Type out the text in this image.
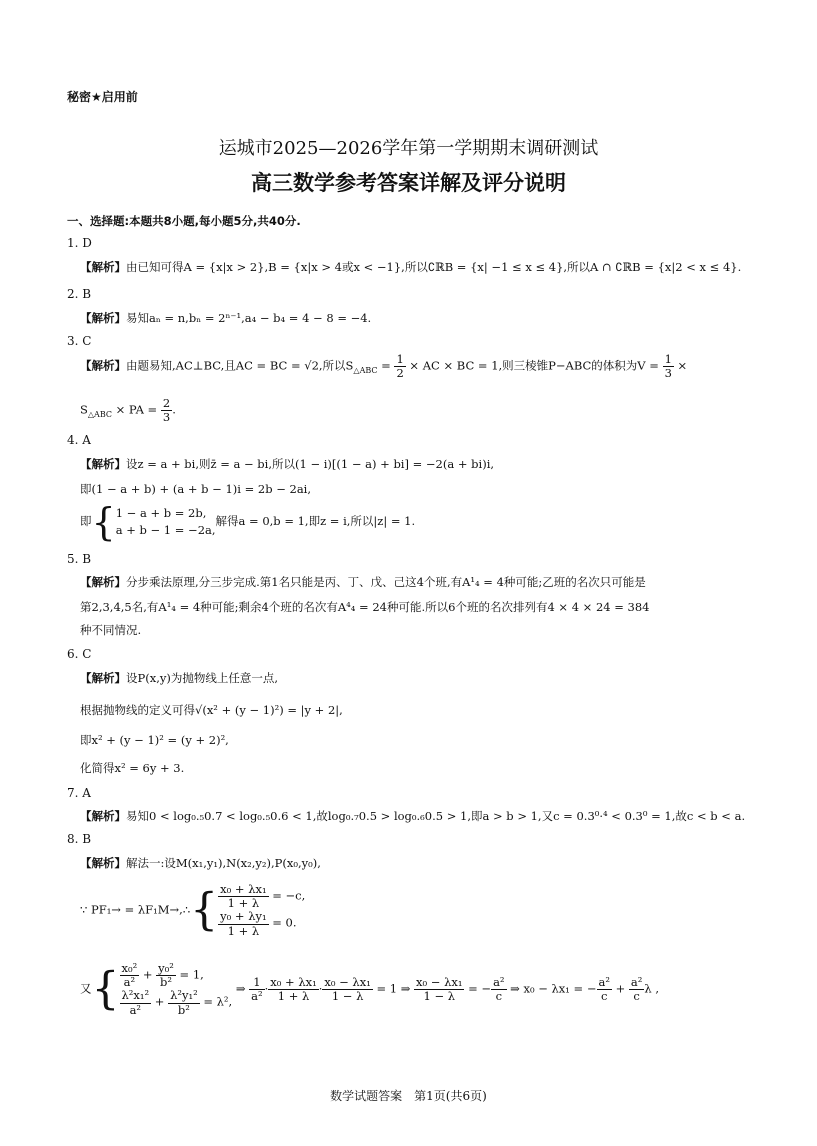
秘密★启用前
运城市2025—2026学年第一学期期末调研测试
高三数学参考答案详解及评分说明
一、选择题:本题共8小题,每小题5分,共40分.
1. D
【解析】由已知可得A = {x|x > 2},B = {x|x > 4或x < −1},所以∁ℝB = {x| −1 ≤ x ≤ 4},所以A ∩ ∁ℝB = {x|2 < x ≤ 4}.
2. B
【解析】易知aₙ = n,bₙ = 2ⁿ⁻¹,a₄ − b₄ = 4 − 8 = −4.
3. C
【解析】由题易知,AC⊥BC,且AC = BC = √2,所以$S_{\triangle ABC} = \frac{1}{2}$ × AC × BC = 1,则三棱锥P−ABC的体积为$V = \frac{1}{3}$ ×
$S_{\triangle ABC}$ × PA = $\frac{2}{3}$ .
4. A
【解析】设z = a + bi,则z̄ = a − bi,所以(1 − i)[(1 − a) + bi] = −2(a + bi)i,
即(1 − a + b) + (a + b − 1)i = 2b − 2ai,
即{ 1 − a + b = 2b,
a + b − 1 = −2a,
解得a = 0,b = 1,即z = i,所以|z| = 1.
5. B
【解析】分步乘法原理,分三步完成.第1名只能是丙、丁、戊、己这4个班,有A¹₄ = 4种可能;乙班的名次只可能是
第2,3,4,5名,有A¹₄ = 4种可能;剩余4个班的名次有A⁴₄ = 24种可能.所以6个班的名次排列有4 × 4 × 24 = 384
种不同情况.
6. C
【解析】设P(x,y)为抛物线上任意一点,
根据抛物线的定义可得√(x² + (y − 1)²) = |y + 2|,
即x² + (y − 1)² = (y + 2)²,
化简得x² = 6y + 3.
7. A
【解析】易知0 < log₀.₅0.7 < log₀.₅0.6 < 1,故log₀.₇0.5 > log₀.₆0.5 > 1,即a > b > 1,又c = 0.3⁰·⁴ < 0.3⁰ = 1,故c < b < a.
8. B
【解析】解法一:设M(x₁,y₁),N(x₂,y₂),P(x₀,y₀),
∵ PF₁→ = λF₁M→,∴{ $\frac{\text{x₀ + λx₁}}{1 + \lambda} = -c$,
$\frac{\text{y₀ + λy₁}}{1 + \lambda} = 0$.
又{ $\frac{\text{x₀²}}{\text{a²}} + \frac{\text{y₀²}}{\text{b²}} = 1$,
$\frac{\text{λ²x₁²}}{\text{a²}} + \frac{\text{λ²y₁²}}{\text{b²}} = \lambda^2$,
⇒ $\frac{1}{\text{a²}} \cdot \frac{\text{x₀ + λx₁}}{1 + \lambda} \cdot \frac{\text{x₀ − λx₁}}{1 - \lambda} = 1$ ⇒ $\frac{\text{x₀ − λx₁}}{1 - \lambda}$ = − $\frac{\text{a²}}{c}$ ⇒ x₀ − λx₁ = − $\frac{\text{a²}}{c} + \frac{\text{a²}}{c}$ λ ,
数学试题答案　第1页(共6页)
